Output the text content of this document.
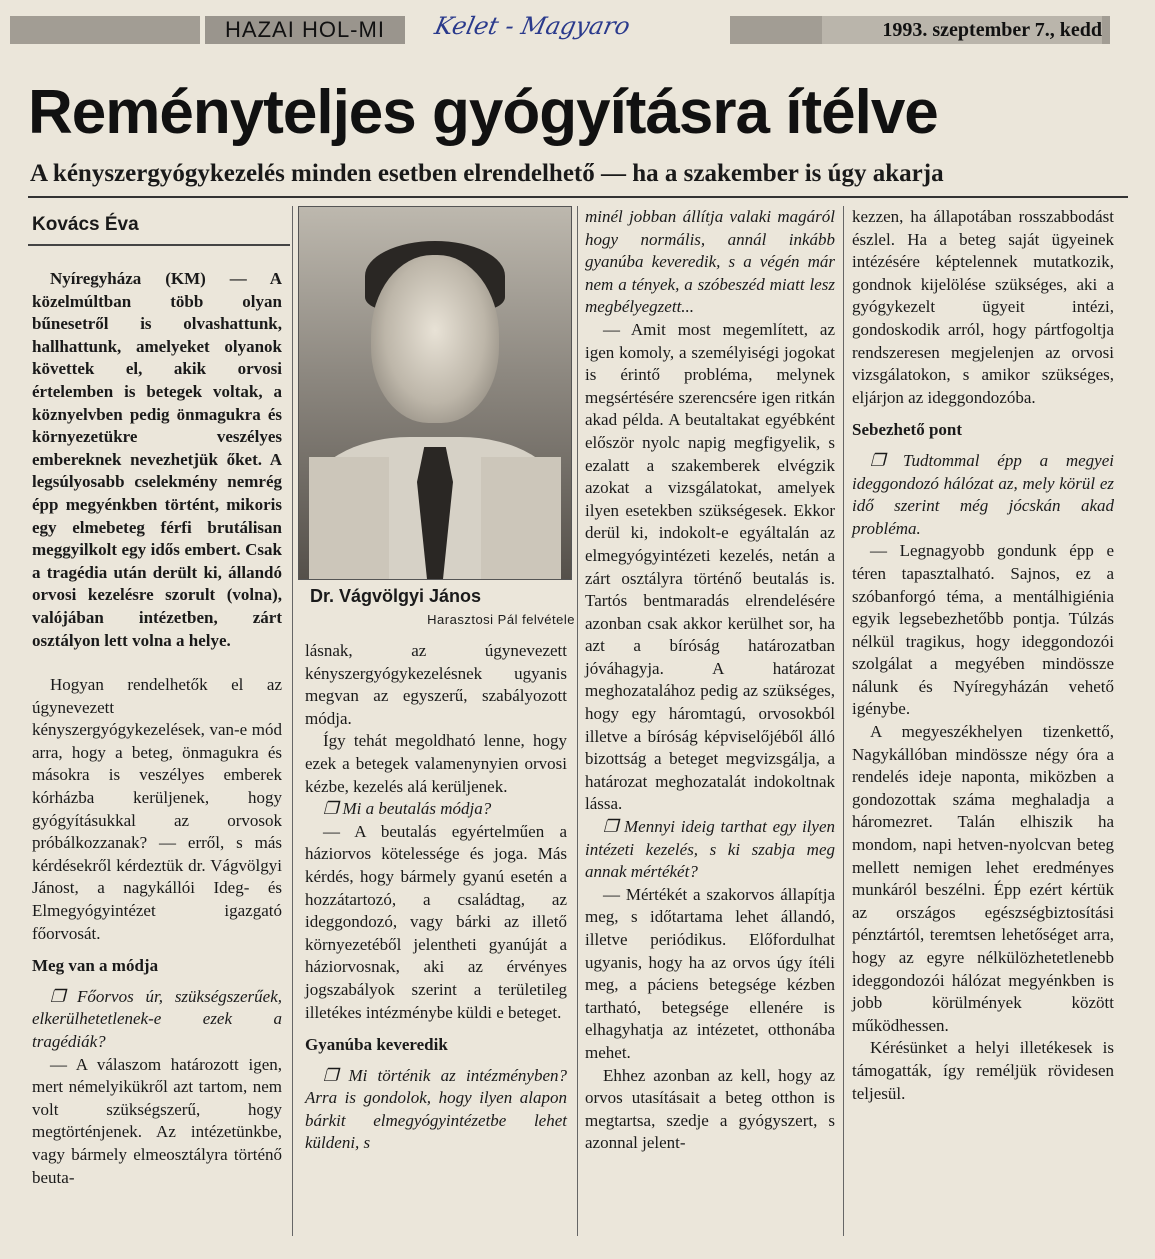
HAZAI HOL-MI	Kelet - Magyaro	1993. szeptember 7., kedd
Reményteljes gyógyításra ítélve
A kényszergyógykezelés minden esetben elrendelhető — ha a szakember is úgy akarja
Kovács Éva

Nyíregyháza (KM) — A közelmúltban több olyan bűnesetről is olvashattunk, hallhattunk, amelyeket olyanok követtek el, akik orvosi értelemben is betegek voltak, a köznyelvben pedig önmagukra és környezetükre veszélyes embereknek nevezhetjük őket. A legsúlyosabb cselekmény nemrég épp megyénkben történt, mikoris egy elmebeteg férfi brutálisan meggyilkolt egy idős embert. Csak a tragédia után derült ki, állandó orvosi kezelésre szorult (volna), valójában intézetben, zárt osztályon lett volna a helye.

Hogyan rendelhetők el az úgynevezett kényszergyógykezelések, van-e mód arra, hogy a beteg, önmagukra és másokra is veszélyes emberek kórházba kerüljenek, hogy gyógyításukkal az orvosok próbálkozzanak? — erről, s más kérdésekről kérdeztük dr. Vágvölgyi Jánost, a nagykállói Ideg- és Elmegyógyintézet igazgató főorvosát.

Meg van a módja

❐ Főorvos úr, szükségszerűek, elkerülhetetlenek-e ezek a tragédiák?

— A válaszom határozott igen, mert némelyikükről azt tartom, nem volt szükségszerű, hogy megtörténjenek. Az intézetünkbe, vagy bármely elmeosztályra történő beuta-

Dr. Vágvölgyi János
Harasztosi Pál felvétele

lásnak, az úgynevezett kényszergyógykezelésnek ugyanis megvan az egyszerű, szabályozott módja.

Így tehát megoldható lenne, hogy ezek a betegek valamenynyien orvosi kézbe, kezelés alá kerüljenek.

❐ Mi a beutalás módja?

— A beutalás egyértelműen a háziorvos kötelessége és joga. Más kérdés, hogy bármely gyanú esetén a hozzátartozó, a családtag, az ideggondozó, vagy bárki az illető környezetéből jelentheti gyanúját a háziorvosnak, aki az érvényes jogszabályok szerint a területileg illetékes intézménybe küldi e beteget.

Gyanúba keveredik

❐ Mi történik az intézményben? Arra is gondolok, hogy ilyen alapon bárkit elmegyógyintézetbe lehet küldeni, s

minél jobban állítja valaki magáról hogy normális, annál inkább gyanúba keveredik, s a végén már nem a tények, a szóbeszéd miatt lesz megbélyegzett...

— Amit most megemlített, az igen komoly, a személyiségi jogokat is érintő probléma, melynek megsértésére szerencsére igen ritkán akad példa. A beutaltakat egyébként először nyolc napig megfigyelik, s ezalatt a szakemberek elvégzik azokat a vizsgálatokat, amelyek ilyen esetekben szükségesek. Ekkor derül ki, indokolt-e egyáltalán az elmegyógyintézeti kezelés, netán a zárt osztályra történő beutalás is. Tartós bentmaradás elrendelésére azonban csak akkor kerülhet sor, ha azt a bíróság határozatban jóváhagyja. A határozat meghozatalához pedig az szükséges, hogy egy háromtagú, orvosokból illetve a bíróság képviselőjéből álló bizottság a beteget megvizsgálja, a határozat meghozatalát indokoltnak lássa.

❐ Mennyi ideig tarthat egy ilyen intézeti kezelés, s ki szabja meg annak mértékét?

— Mértékét a szakorvos állapítja meg, s időtartama lehet állandó, illetve periódikus. Előfordulhat ugyanis, hogy ha az orvos úgy ítéli meg, a páciens betegsége kézben tartható, betegsége ellenére is elhagyhatja az intézetet, otthonába mehet.

Ehhez azonban az kell, hogy az orvos utasításait a beteg otthon is megtartsa, szedje a gyógyszert, s azonnal jelent-

kezzen, ha állapotában rosszabbodást észlel. Ha a beteg saját ügyeinek intézésére képtelennek mutatkozik, gondnok kijelölése szükséges, aki a gyógykezelt ügyeit intézi, gondoskodik arról, hogy pártfogoltja rendszeresen megjelenjen az orvosi vizsgálatokon, s amikor szükséges, eljárjon az ideggondozóba.

Sebezhető pont

❐ Tudtommal épp a megyei ideggondozó hálózat az, mely körül ez idő szerint még jócskán akad probléma.

— Legnagyobb gondunk épp e téren tapasztalható. Sajnos, ez a szóbanforgó téma, a mentálhigiénia egyik legsebezhetőbb pontja. Túlzás nélkül tragikus, hogy ideggondozói szolgálat a megyében mindössze nálunk és Nyíregyházán vehető igénybe.

A megyeszékhelyen tizenkettő, Nagykállóban mindössze négy óra a rendelés ideje naponta, miközben a gondozottak száma meghaladja a háromezret. Talán elhiszik ha mondom, napi hetven-nyolcvan beteg mellett nemigen lehet eredményes munkáról beszélni. Épp ezért kértük az országos egészségbiztosítási pénztártól, teremtsen lehetőséget arra, hogy az egyre nélkülözhetetlenebb ideggondozói hálózat megyénkben is jobb körülmények között működhessen.

Kérésünket a helyi illetékesek is támogatták, így reméljük rövidesen teljesül.
